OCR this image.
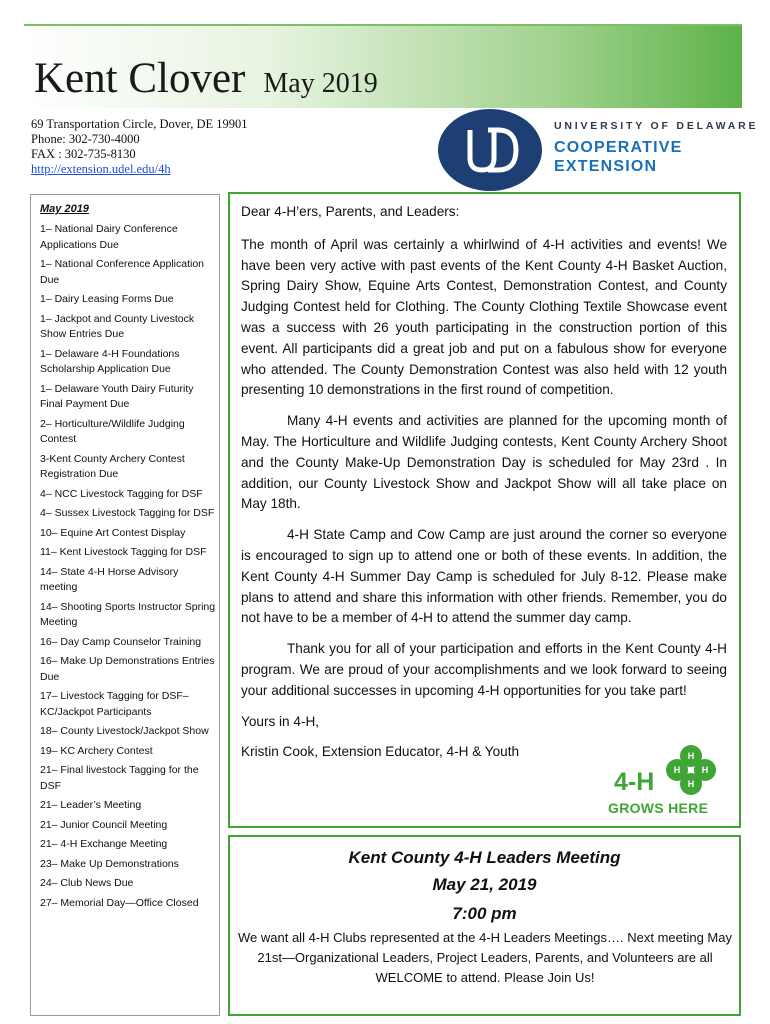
Kent Clover May 2019
69 Transportation Circle, Dover, DE 19901
Phone: 302-730-4000
FAX : 302-735-8130
http://extension.udel.edu/4h
UNIVERSITY OF DELAWARE
COOPERATIVE
EXTENSION
May 2019
1– National Dairy Conference Applications Due
1– National Conference Application Due
1– Dairy Leasing Forms Due
1– Jackpot and County Livestock Show Entries Due
1– Delaware 4-H Foundations Scholarship Application Due
1– Delaware Youth Dairy Futurity Final Payment Due
2– Horticulture/Wildlife Judging Contest
3-Kent County Archery Contest Registration Due
4– NCC Livestock Tagging for DSF
4– Sussex Livestock Tagging for DSF
10– Equine Art Contest Display
11– Kent Livestock Tagging for DSF
14– State 4-H Horse Advisory meeting
14– Shooting Sports Instructor Spring Meeting
16– Day Camp Counselor Training
16– Make Up Demonstrations Entries Due
17– Livestock Tagging for DSF–KC/Jackpot Participants
18– County Livestock/Jackpot Show
19– KC Archery Contest
21– Final livestock Tagging for the DSF
21– Leader’s Meeting
21– Junior Council Meeting
21– 4-H Exchange Meeting
23– Make Up Demonstrations
24– Club News Due
27– Memorial Day—Office Closed

Dear 4-H’ers, Parents, and Leaders:

The month of April was certainly a whirlwind of 4-H activities and events! We have been very active with past events of the Kent County 4-H Basket Auction, Spring Dairy Show, Equine Arts Contest, Demonstration Contest, and County Judging Contest held for Clothing. The County Clothing Textile Showcase event was a success with 26 youth participating in the construction portion of this event. All participants did a great job and put on a fabulous show for everyone who attended. The County Demonstration Contest was also held with 12 youth presenting 10 demonstrations in the first round of competition.

Many 4-H events and activities are planned for the upcoming month of May. The Horticulture and Wildlife Judging contests, Kent County Archery Shoot and the County Make-Up Demonstration Day is scheduled for May 23rd . In addition, our County Livestock Show and Jackpot Show will all take place on May 18th.

4-H State Camp and Cow Camp are just around the corner so everyone is encouraged to sign up to attend one or both of these events. In addition, the Kent County 4-H Summer Day Camp is scheduled for July 8-12. Please make plans to attend and share this information with other friends. Remember, you do not have to be a member of 4-H to attend the summer day camp.

Thank you for all of your participation and efforts in the Kent County 4-H program. We are proud of your accomplishments and we look forward to seeing your additional successes in upcoming 4-H opportunities for you take part!

Yours in 4-H,

Kristin Cook, Extension Educator, 4-H & Youth

4-H
GROWS HERE
H
H
H
H
Kent County 4-H Leaders Meeting
May 21, 2019
7:00 pm
We want all 4-H Clubs represented at the 4-H Leaders Meetings…. Next meeting May 21st—Organizational Leaders, Project Leaders, Parents, and Volunteers are all WELCOME to attend. Please Join Us!
